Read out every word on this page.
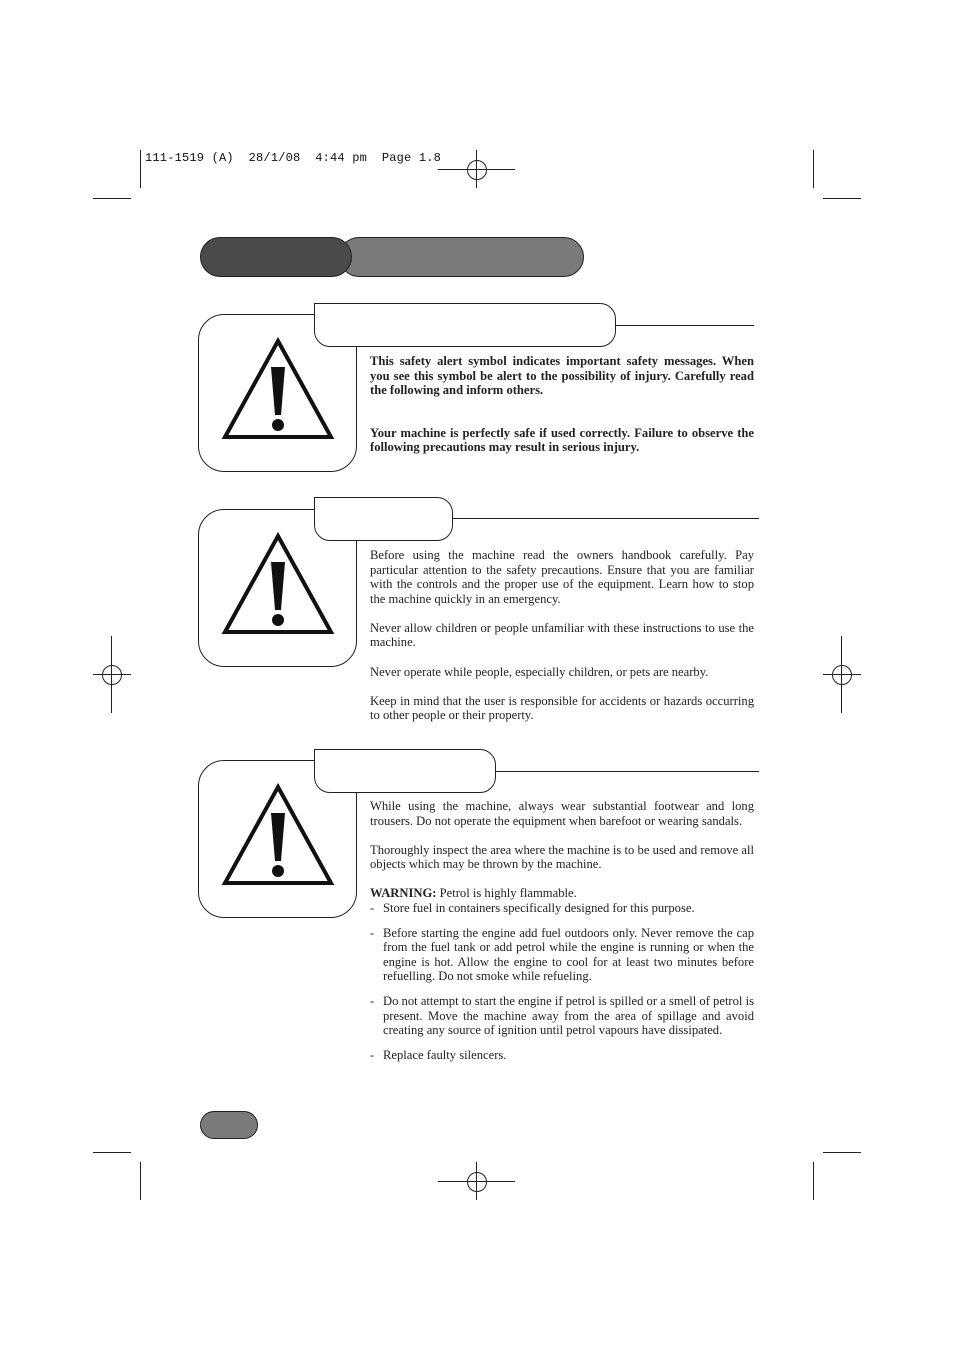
111-1519 (A)  28/1/08  4:44 pm  Page 1.8

This safety alert symbol indicates important safety messages. When you see this symbol be alert to the possibility of injury. Carefully read the following and inform others.

Your machine is perfectly safe if used correctly. Failure to observe the following precautions may result in serious injury.

Before using the machine read the owners handbook carefully. Pay particular attention to the safety precautions. Ensure that you are familiar with the controls and the proper use of the equipment. Learn how to stop the machine quickly in an emergency.

Never allow children or people unfamiliar with these instructions to use the machine.

Never operate while people, especially children, or pets are nearby.

Keep in mind that the user is responsible for accidents or hazards occurring to other people or their property.

While using the machine, always wear substantial footwear and long trousers. Do not operate the equipment when barefoot or wearing sandals.

Thoroughly inspect the area where the machine is to be used and remove all objects which may be thrown by the machine.

WARNING: Petrol is highly flammable.
- Store fuel in containers specifically designed for this purpose.
- Before starting the engine add fuel outdoors only. Never remove the cap from the fuel tank or add petrol while the engine is running or when the engine is hot. Allow the engine to cool for at least two minutes before refuelling. Do not smoke while refueling.
- Do not attempt to start the engine if petrol is spilled or a smell of petrol is present. Move the machine away from the area of spillage and avoid creating any source of ignition until petrol vapours have dissipated.
- Replace faulty silencers.
